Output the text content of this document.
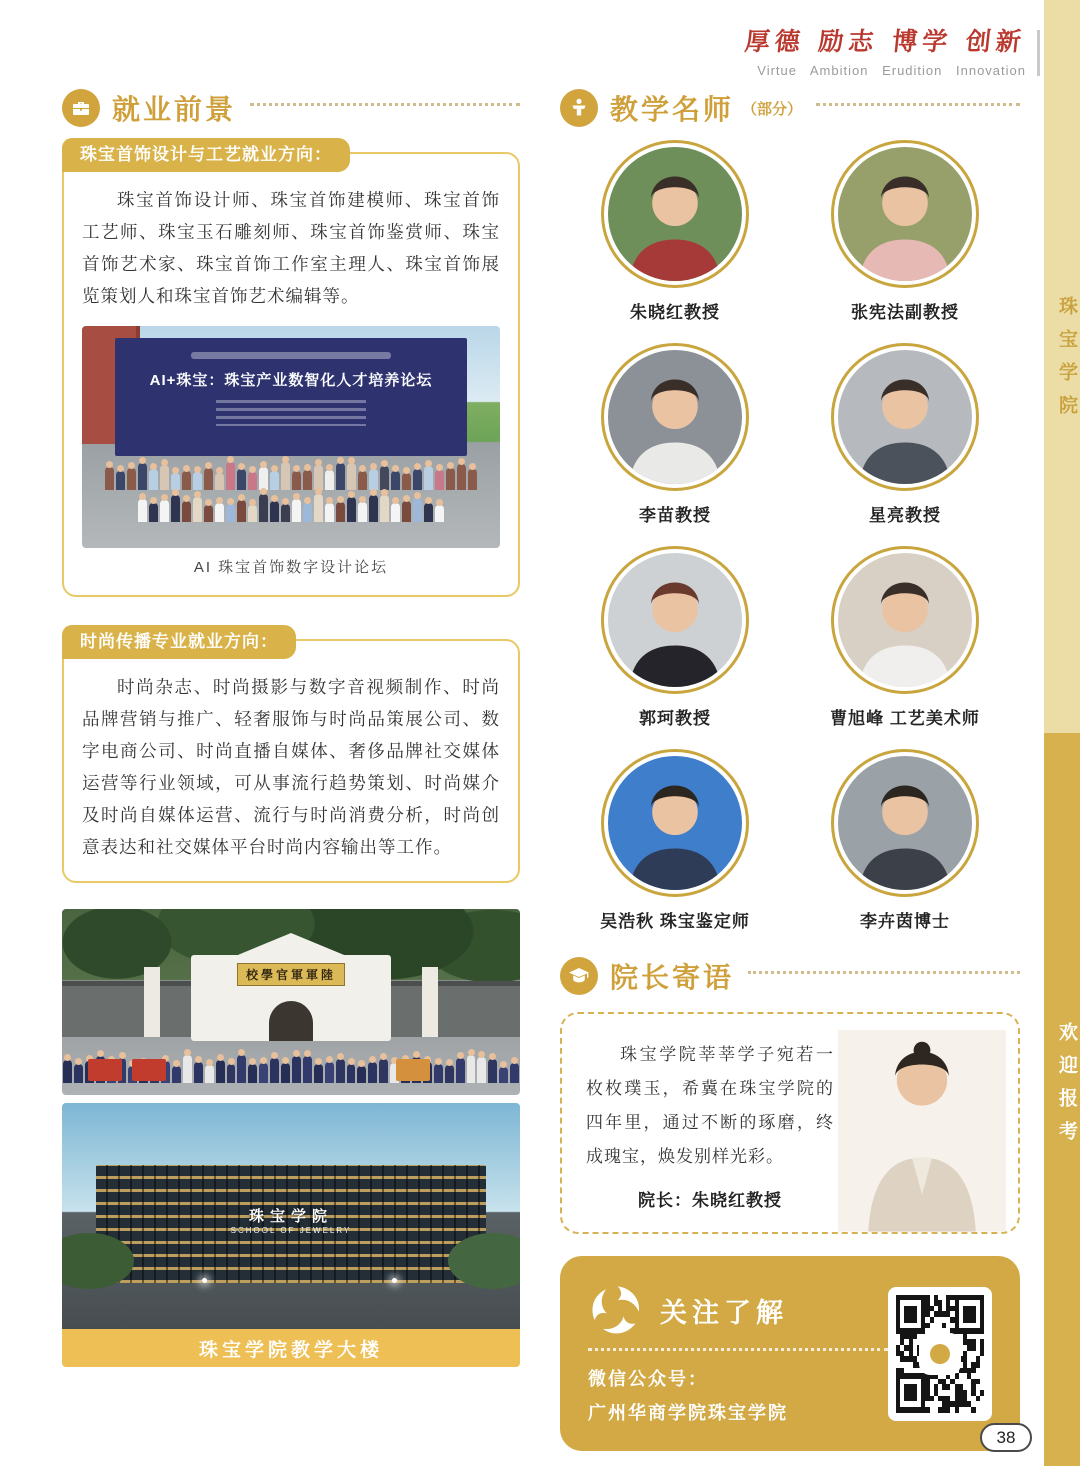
珠宝学院
欢迎报考
厚德 励志 博学 创新
Virtue Ambition Erudition Innovation
就业前景
珠宝首饰设计与工艺就业方向：

珠宝首饰设计师、珠宝首饰建模师、珠宝首饰工艺师、珠宝玉石雕刻师、珠宝首饰鉴赏师、珠宝首饰艺术家、珠宝首饰工作室主理人、珠宝首饰展览策划人和珠宝首饰艺术编辑等。

AI+珠宝：珠宝产业数智化人才培养论坛
AI 珠宝首饰数字设计论坛
时尚传播专业就业方向：

时尚杂志、时尚摄影与数字音视频制作、时尚品牌营销与推广、轻奢服饰与时尚品策展公司、数字电商公司、时尚直播自媒体、奢侈品牌社交媒体运营等行业领域，可从事流行趋势策划、时尚媒介及时尚自媒体运营、流行与时尚消费分析，时尚创意表达和社交媒体平台时尚内容输出等工作。

校學官軍軍陸
珠宝学院
SCHOOL OF JEWELRY
珠宝学院教学大楼
教学名师 （部分）
朱晓红教授	张宪法副教授
李苗教授	星亮教授
郭珂教授	曹旭峰 工艺美术师
吴浩秋 珠宝鉴定师	李卉茵博士
院长寄语

珠宝学院莘莘学子宛若一枚枚璞玉，希冀在珠宝学院的四年里，通过不断的琢磨，终成瑰宝，焕发别样光彩。

院长：朱晓红教授
关注了解
微信公众号：
广州华商学院珠宝学院
38
